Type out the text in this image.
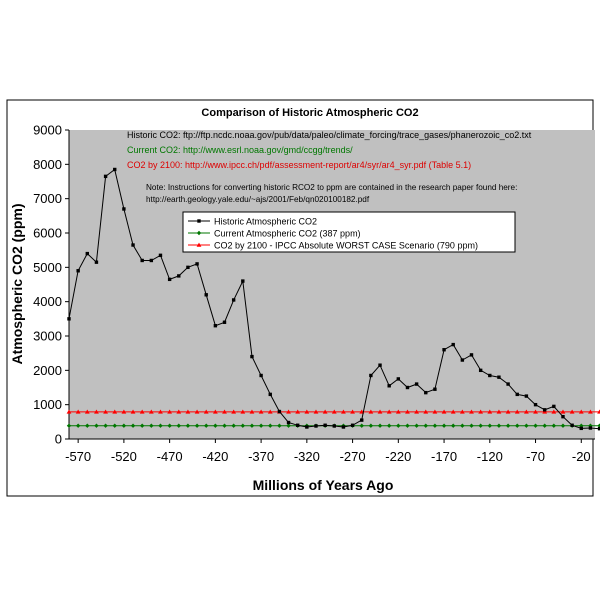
Comparison of Historic Atmospheric CO2
Atmospheric CO2 (ppm)
Millions of Years Ago
0
1000
2000
3000
4000
5000
6000
7000
8000
9000
-570 -520 -470 -420 -370 -320 -270 -220 -170 -120 -70 -20
Historic CO2: ftp://ftp.ncdc.noaa.gov/pub/data/paleo/climate_forcing/trace_gases/phanerozoic_co2.txt
Current CO2: http://www.esrl.noaa.gov/gmd/ccgg/trends/
CO2 by 2100: http://www.ipcc.ch/pdf/assessment-report/ar4/syr/ar4_syr.pdf (Table 5.1)
Note: Instructions for converting historic RCO2 to ppm are contained in the research paper found here:
http://earth.geology.yale.edu/~ajs/2001/Feb/qn020100182.pdf
Historic Atmospheric CO2
Current Atmospheric CO2 (387 ppm)
CO2 by 2100 - IPCC Absolute WORST CASE Scenario (790 ppm)
